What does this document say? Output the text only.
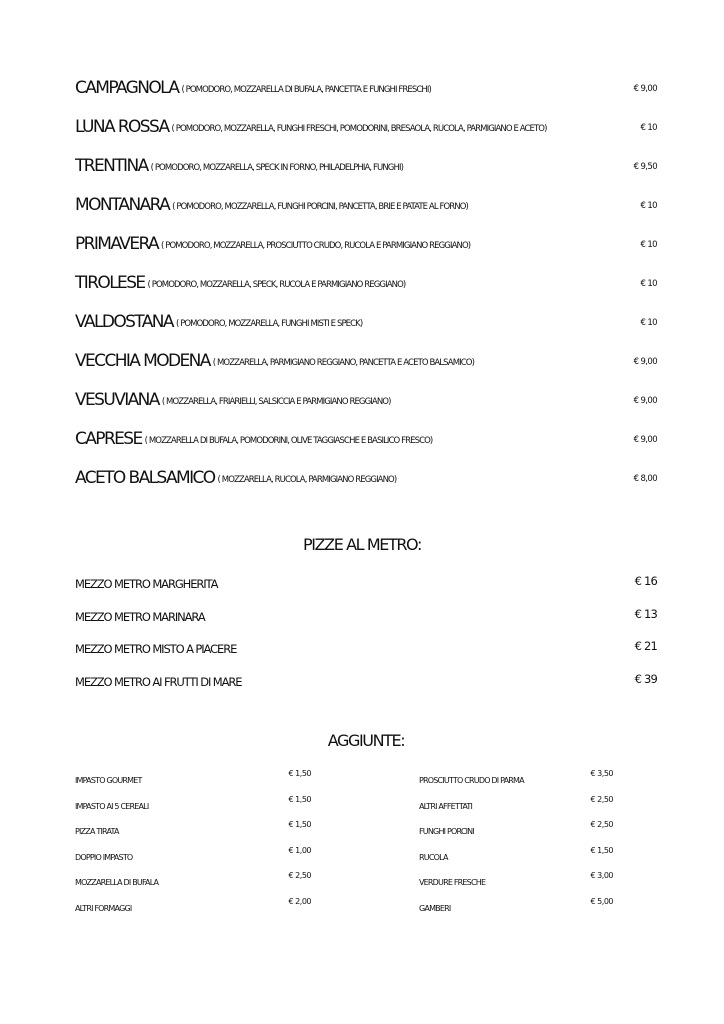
CAMPAGNOLA ( POMODORO, MOZZARELLA DI BUFALA, PANCETTA E FUNGHI FRESCHI)	€ 9,00
LUNA ROSSA ( POMODORO, MOZZARELLA, FUNGHI FRESCHI, POMODORINI, BRESAOLA, RUCOLA, PARMIGIANO E ACETO)	€ 10
TRENTINA ( POMODORO, MOZZARELLA, SPECK IN FORNO, PHILADELPHIA, FUNGHI)	€ 9,50
MONTANARA ( POMODORO, MOZZARELLA, FUNGHI PORCINI, PANCETTA, BRIE E PATATE AL FORNO)	€ 10
PRIMAVERA ( POMODORO, MOZZARELLA, PROSCIUTTO CRUDO, RUCOLA E PARMIGIANO REGGIANO)	€ 10
TIROLESE ( POMODORO, MOZZARELLA, SPECK, RUCOLA E PARMIGIANO REGGIANO)	€ 10
VALDOSTANA ( POMODORO, MOZZARELLA, FUNGHI MISTI E SPECK)	€ 10
VECCHIA MODENA ( MOZZARELLA, PARMIGIANO REGGIANO, PANCETTA E ACETO BALSAMICO)	€ 9,00
VESUVIANA ( MOZZARELLA, FRIARIELLI, SALSICCIA E PARMIGIANO REGGIANO)	€ 9,00
CAPRESE ( MOZZARELLA DI BUFALA, POMODORINI, OLIVE TAGGIASCHE E BASILICO FRESCO)	€ 9,00
ACETO BALSAMICO ( MOZZARELLA, RUCOLA, PARMIGIANO REGGIANO)	€ 8,00
PIZZE AL METRO:
MEZZO METRO MARGHERITA	€ 16
MEZZO METRO MARINARA	€ 13
MEZZO METRO MISTO A PIACERE	€ 21
MEZZO METRO AI FRUTTI DI MARE	€ 39
AGGIUNTE:
IMPASTO GOURMET
€ 1,50
IMPASTO AI 5 CEREALI
€ 1,50
PIZZA TIRATA
€ 1,50
DOPPIO IMPASTO
€ 1,00
MOZZARELLA DI BUFALA
€ 2,50
ALTRI FORMAGGI
€ 2,00
PROSCIUTTO CRUDO DI PARMA
€ 3,50
ALTRI AFFETTATI
€ 2,50
FUNGHI PORCINI
€ 2,50
RUCOLA
€ 1,50
VERDURE FRESCHE
€ 3,00
GAMBERI
€ 5,00
